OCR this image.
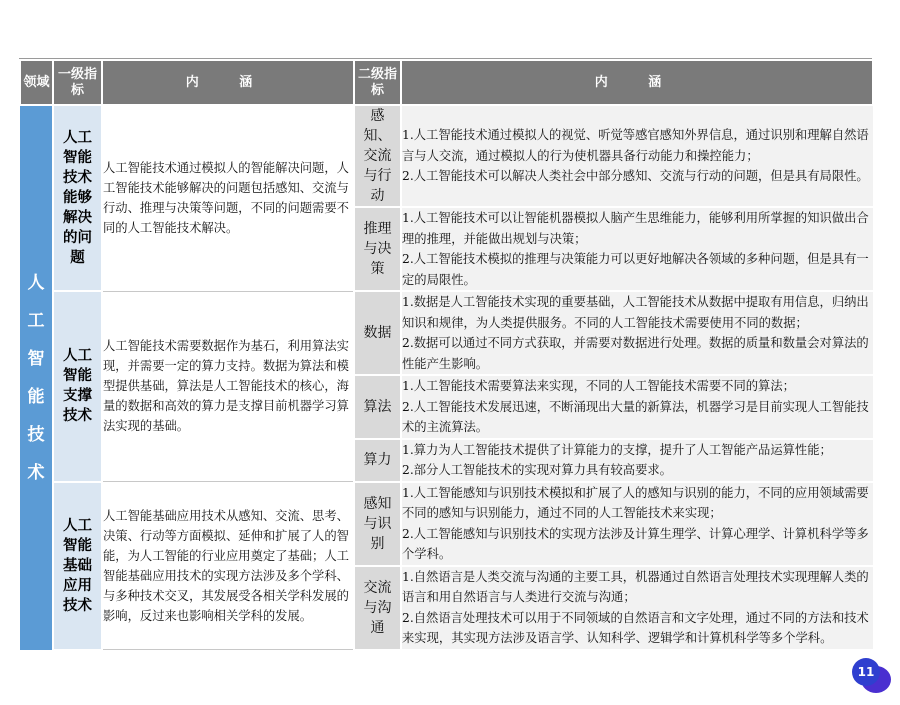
领域	一级指标	内 涵	二级指标	内 涵

人工智能技术	人工智能技术能够解决的问题	人工智能技术通过模拟人的智能解决问题，人工智能技术能够解决的问题包括感知、交流与行动、推理与决策等问题，不同的问题需要不同的人工智能技术解决。	感知、交流与行动	1.人工智能技术通过模拟人的视觉、听觉等感官感知外界信息，通过识别和理解自然语言与人交流，通过模拟人的行为使机器具备行动能力和操控能力；
2.人工智能技术可以解决人类社会中部分感知、交流与行动的问题，但是具有局限性。

			推理与决策	1.人工智能技术可以让智能机器模拟人脑产生思维能力，能够利用所掌握的知识做出合理的推理，并能做出规划与决策；
2.人工智能技术模拟的推理与决策能力可以更好地解决各领域的多种问题，但是具有一定的局限性。

	人工智能支撑技术	人工智能技术需要数据作为基石，利用算法实现，并需要一定的算力支持。数据为算法和模型提供基础，算法是人工智能技术的核心，海量的数据和高效的算力是支撑目前机器学习算法实现的基础。	数据	1.数据是人工智能技术实现的重要基础，人工智能技术从数据中提取有用信息，归纳出知识和规律，为人类提供服务。不同的人工智能技术需要使用不同的数据；
2.数据可以通过不同方式获取，并需要对数据进行处理。数据的质量和数量会对算法的性能产生影响。

			算法	1.人工智能技术需要算法来实现，不同的人工智能技术需要不同的算法；
2.人工智能技术发展迅速，不断涌现出大量的新算法，机器学习是目前实现人工智能技术的主流算法。

			算力	1.算力为人工智能技术提供了计算能力的支撑，提升了人工智能产品运算性能；
2.部分人工智能技术的实现对算力具有较高要求。

	人工智能基础应用技术	人工智能基础应用技术从感知、交流、思考、决策、行动等方面模拟、延伸和扩展了人的智能，为人工智能的行业应用奠定了基础；人工智能基础应用技术的实现方法涉及多个学科、与多种技术交叉，其发展受各相关学科发展的影响，反过来也影响相关学科的发展。	感知与识别	1.人工智能感知与识别技术模拟和扩展了人的感知与识别的能力，不同的应用领域需要不同的感知与识别能力，通过不同的人工智能技术来实现；
2.人工智能感知与识别技术的实现方法涉及计算生理学、计算心理学、计算机科学等多个学科。

			交流与沟通	1.自然语言是人类交流与沟通的主要工具，机器通过自然语言处理技术实现理解人类的语言和用自然语言与人类进行交流与沟通；
2.自然语言处理技术可以用于不同领域的自然语言和文字处理，通过不同的方法和技术来实现，其实现方法涉及语言学、认知科学、逻辑学和计算机科学等多个学科。
11
